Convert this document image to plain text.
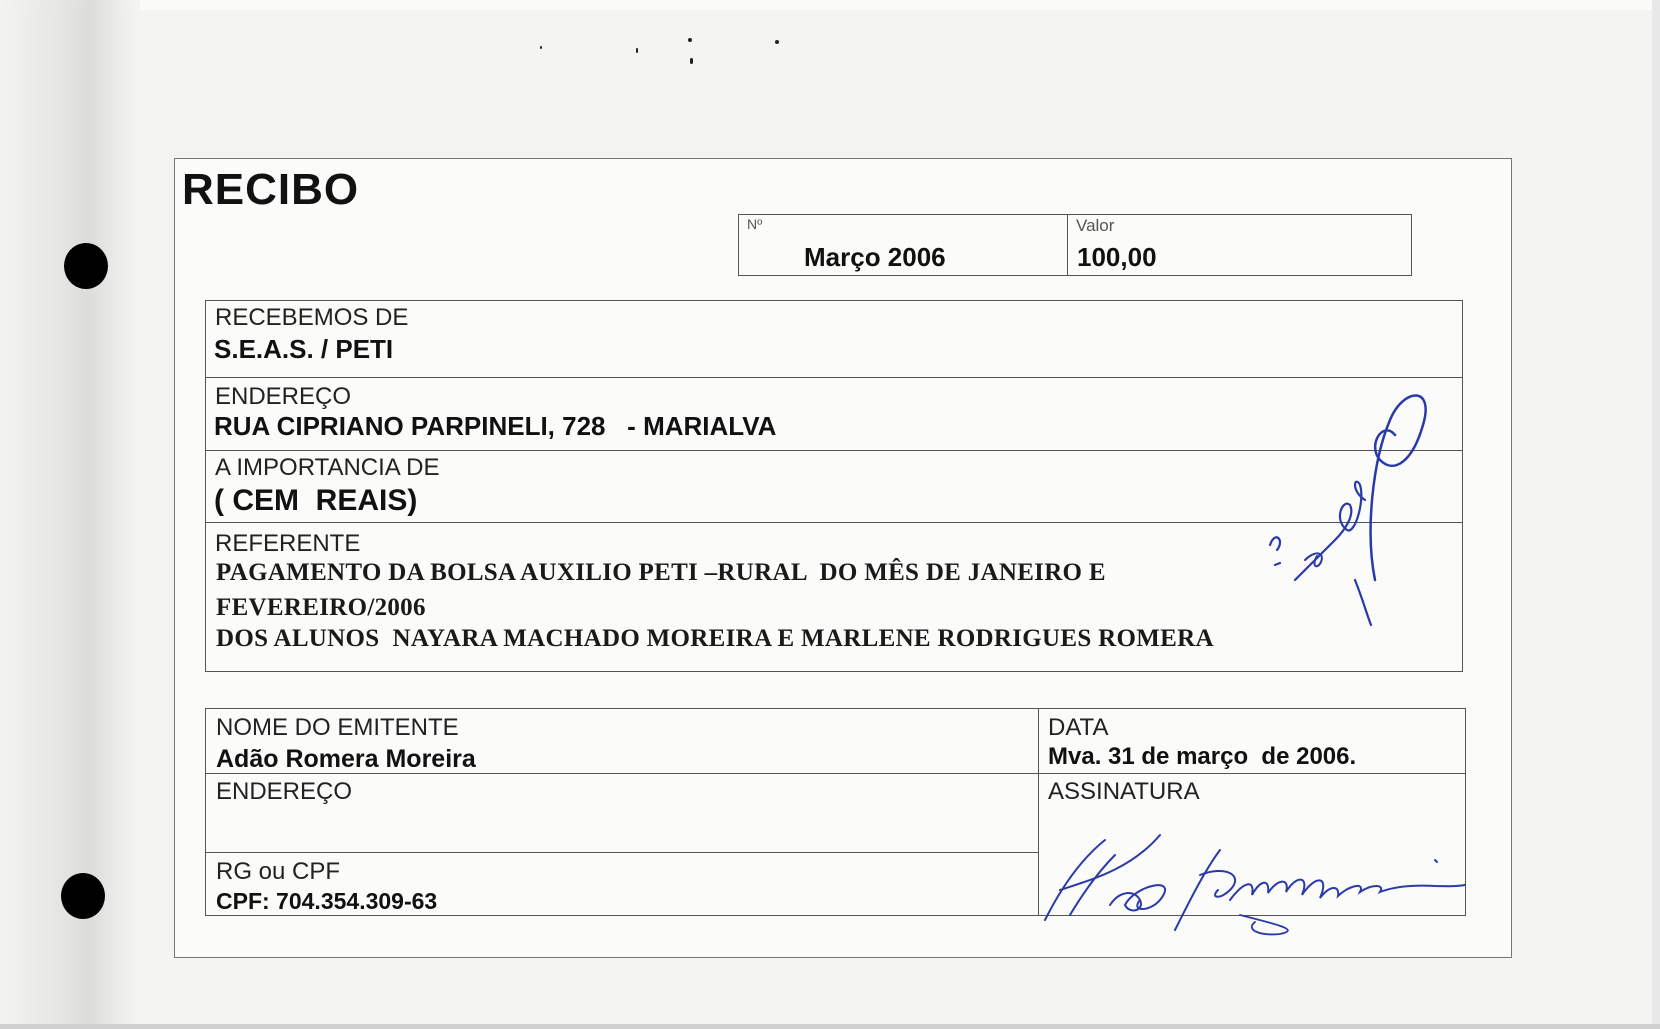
RECIBO
Nº
Março 2006
Valor
100,00
RECEBEMOS DE
S.E.A.S. / PETI
ENDEREÇO
RUA CIPRIANO PARPINELI, 728   - MARIALVA
A IMPORTANCIA DE
( CEM  REAIS)
REFERENTE
PAGAMENTO DA BOLSA AUXILIO PETI –RURAL  DO MÊS DE JANEIRO E
FEVEREIRO/2006
DOS ALUNOS  NAYARA MACHADO MOREIRA E MARLENE RODRIGUES ROMERA
NOME DO EMITENTE
Adão Romera Moreira
DATA
Mva. 31 de março  de 2006.
ENDEREÇO	ASSINATURA
RG ou CPF
CPF: 704.354.309-63
